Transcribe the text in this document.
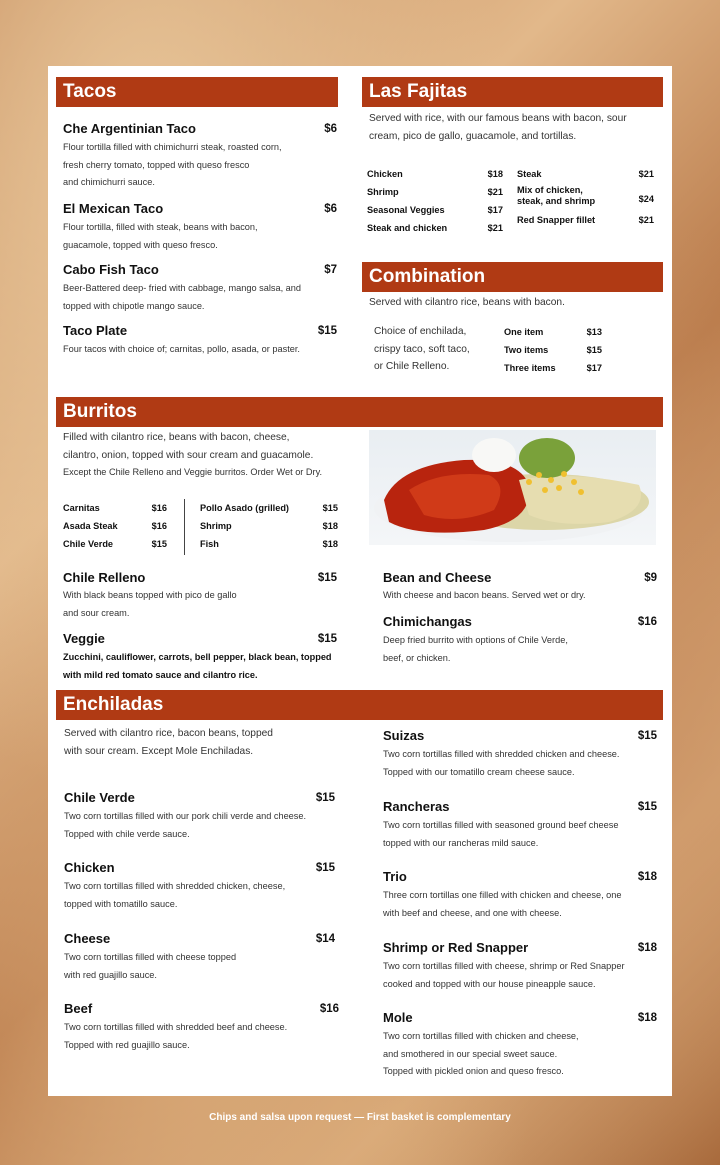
Tacos
Che Argentinian Taco	$6
Flour tortilla filled with chimichurri steak, roasted corn,
fresh cherry tomato, topped with queso fresco
and chimichurri sauce.
El Mexican Taco	$6
Flour tortilla, filled with steak, beans with bacon,
guacamole, topped with queso fresco.
Cabo Fish Taco	$7
Beer-Battered deep- fried with cabbage, mango salsa, and
topped with chipotle mango sauce.
Taco Plate	$15
Four tacos with choice of; carnitas, pollo, asada, or paster.
Las Fajitas
Served with rice, with our famous beans with bacon, sour
cream, pico de gallo, guacamole, and tortillas.
Chicken	$18
Shrimp	$21
Seasonal Veggies	$17
Steak and chicken	$21
Steak	$21
Mix of chicken,
steak, and shrimp	$24
Red Snapper fillet	$21
Combination
Served with cilantro rice, beans with bacon.
Choice of enchilada,
crispy taco, soft taco,
or Chile Relleno.
One item	$13
Two items	$15
Three items	$17
Burritos
Filled with cilantro rice, beans with bacon, cheese,
cilantro, onion, topped with sour cream and guacamole.
Except the Chile Relleno and Veggie burritos. Order Wet or Dry.
Carnitas	$16
Asada Steak	$16
Chile Verde	$15
Pollo Asado (grilled)	$15
Shrimp	$18
Fish	$18
Chile Relleno	$15
With black beans topped with pico de gallo
and sour cream.
Veggie	$15
Zucchini, cauliflower, carrots, bell pepper, black bean, topped
with mild red tomato sauce and cilantro rice.
Bean and Cheese	$9
With cheese and bacon beans. Served wet or dry.
Chimichangas	$16
Deep fried burrito with options of Chile Verde,
beef, or chicken.
Enchiladas
Served with cilantro rice, bacon beans, topped
with sour cream. Except Mole Enchiladas.
Chile Verde	$15
Two corn tortillas filled with our pork chili verde and cheese.
Topped with chile verde sauce.
Chicken	$15
Two corn tortillas filled with shredded chicken, cheese,
topped with tomatillo sauce.
Cheese	$14
Two corn tortillas filled with cheese topped
with red guajillo sauce.
Beef	$16
Two corn tortillas filled with shredded beef and cheese.
Topped with red guajillo sauce.
Suizas	$15
Two corn tortillas filled with shredded chicken and cheese.
Topped with our tomatillo cream cheese sauce.
Rancheras	$15
Two corn tortillas filled with seasoned ground beef cheese
topped with our rancheras mild sauce.
Trio	$18
Three corn tortillas one filled with chicken and cheese, one
with beef and cheese, and one with cheese.
Shrimp or Red Snapper	$18
Two corn tortillas filled with cheese, shrimp or Red Snapper
cooked and topped with our house pineapple sauce.
Mole	$18
Two corn tortillas filled with chicken and cheese,
and smothered in our special sweet sauce.
Topped with pickled onion and queso fresco.
Chips and salsa upon request — First basket is complementary
